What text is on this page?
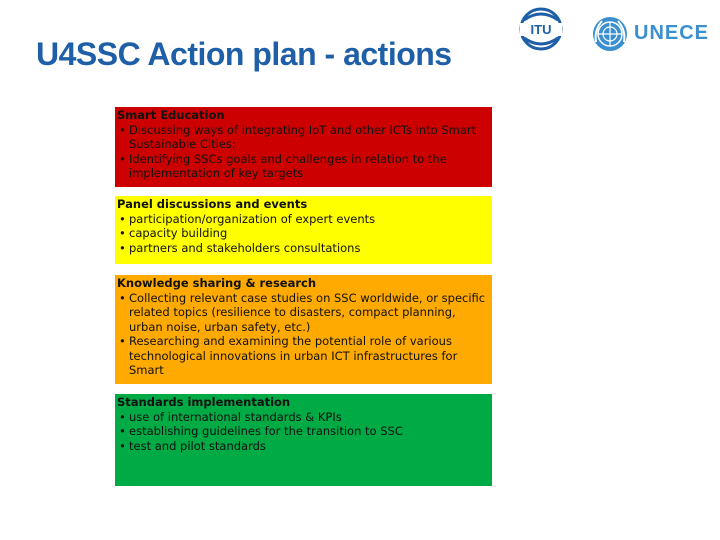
U4SSC Action plan - actions
ITU	UNECE
Smart Education
• Discussing ways of integrating IoT and other ICTs into Smart Sustainable Cities;
• Identifying SSCs goals and challenges in relation to the implementation of key targets
Panel discussions and events
• participation/organization of expert events
• capacity building
• partners and stakeholders consultations
Knowledge sharing & research
• Collecting relevant case studies on SSC worldwide, or specific related topics (resilience to disasters, compact planning, urban noise, urban safety, etc.)
• Researching and examining the potential role of various technological innovations in urban ICT infrastructures for Smart
Standards implementation
• use of international standards & KPIs
• establishing guidelines for the transition to SSC
• test and pilot standards
